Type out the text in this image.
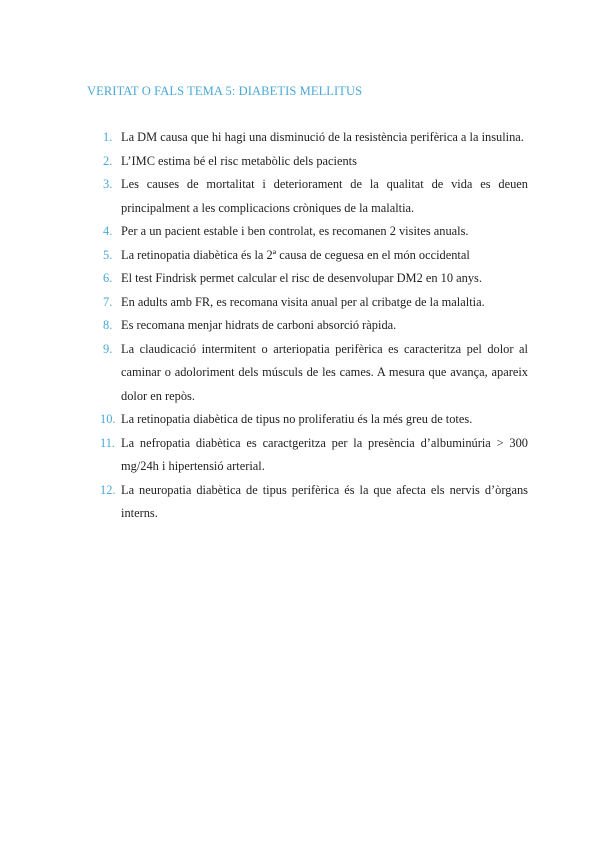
VERITAT O FALS TEMA 5: DIABETIS MELLITUS
1. La DM causa que hi hagi una disminució de la resistència perifèrica a la insulina.
2. L’IMC estima bé el risc metabòlic dels pacients
3. Les causes de mortalitat i deteriorament de la qualitat de vida es deuen principalment a les complicacions cròniques de la malaltia.
4. Per a un pacient estable i ben controlat, es recomanen 2 visites anuals.
5. La retinopatia diabètica és la 2ª causa de ceguesa en el món occidental
6. El test Findrisk permet calcular el risc de desenvolupar DM2 en 10 anys.
7. En adults amb FR, es recomana visita anual per al cribatge de la malaltia.
8. Es recomana menjar hidrats de carboni absorció ràpida.
9. La claudicació intermitent o arteriopatia perifèrica es caracteritza pel dolor al caminar o adoloriment dels músculs de les cames. A mesura que avança, apareix dolor en repòs.
10. La retinopatia diabètica de tipus no proliferatiu és la més greu de totes.
11. La nefropatia diabètica es caractgeritza per la presència d’albuminúria > 300 mg/24h i hipertensió arterial.
12. La neuropatia diabètica de tipus perifèrica és la que afecta els nervis d’òrgans interns.
